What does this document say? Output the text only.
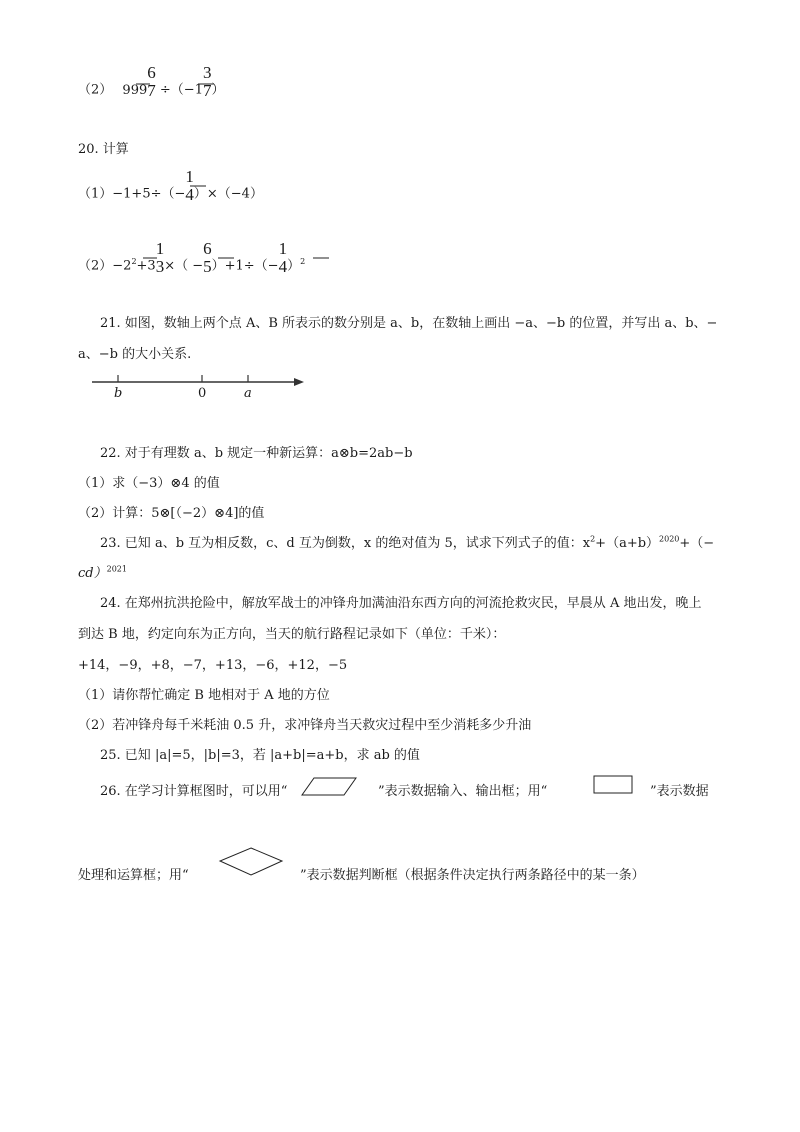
（2） 999
6
7 ÷（−1
3
7 ）
20. 计算
（1）−1+5÷（−
1
4 ）×（−4）
$(2)-2^2+3$
1
3 ×（ −
6
5 ）+1÷（−
1
4 ）$^2$
21. 如图，数轴上两个点 A、B 所表示的数分别是 a、b，在数轴上画出 −a、−b 的位置，并写出 a、b、−
a、−b 的大小关系.
b	0	a
22. 对于有理数 a、b 规定一种新运算：a⊗b=2ab−b
（1）求（−3）⊗4 的值
（2）计算：5⊗[（−2）⊗4]的值
23. 已知 a、b 互为相反数，c、d 互为倒数，x 的绝对值为 5，试求下列式子的值：$x^2+(a+b)^{2020}+(-$
cd）$^{2021}$
24. 在郑州抗洪抢险中，解放军战士的冲锋舟加满油沿东西方向的河流抢救灾民，早晨从 A 地出发，晚上
到达 B 地，约定向东为正方向，当天的航行路程记录如下（单位：千米）：
+14，−9，+8，−7，+13，−6，+12，−5
（1）请你帮忙确定 B 地相对于 A 地的方位
（2）若冲锋舟每千米耗油 0.5 升，求冲锋舟当天救灾过程中至少消耗多少升油
25. 已知 |a|=5，|b|=3，若 |a+b|=a+b，求 ab 的值
26. 在学习计算框图时，可以用“	”表示数据输入、输出框；用“	”表示数据
处理和运算框；用“	”表示数据判断框（根据条件决定执行两条路径中的某一条）
